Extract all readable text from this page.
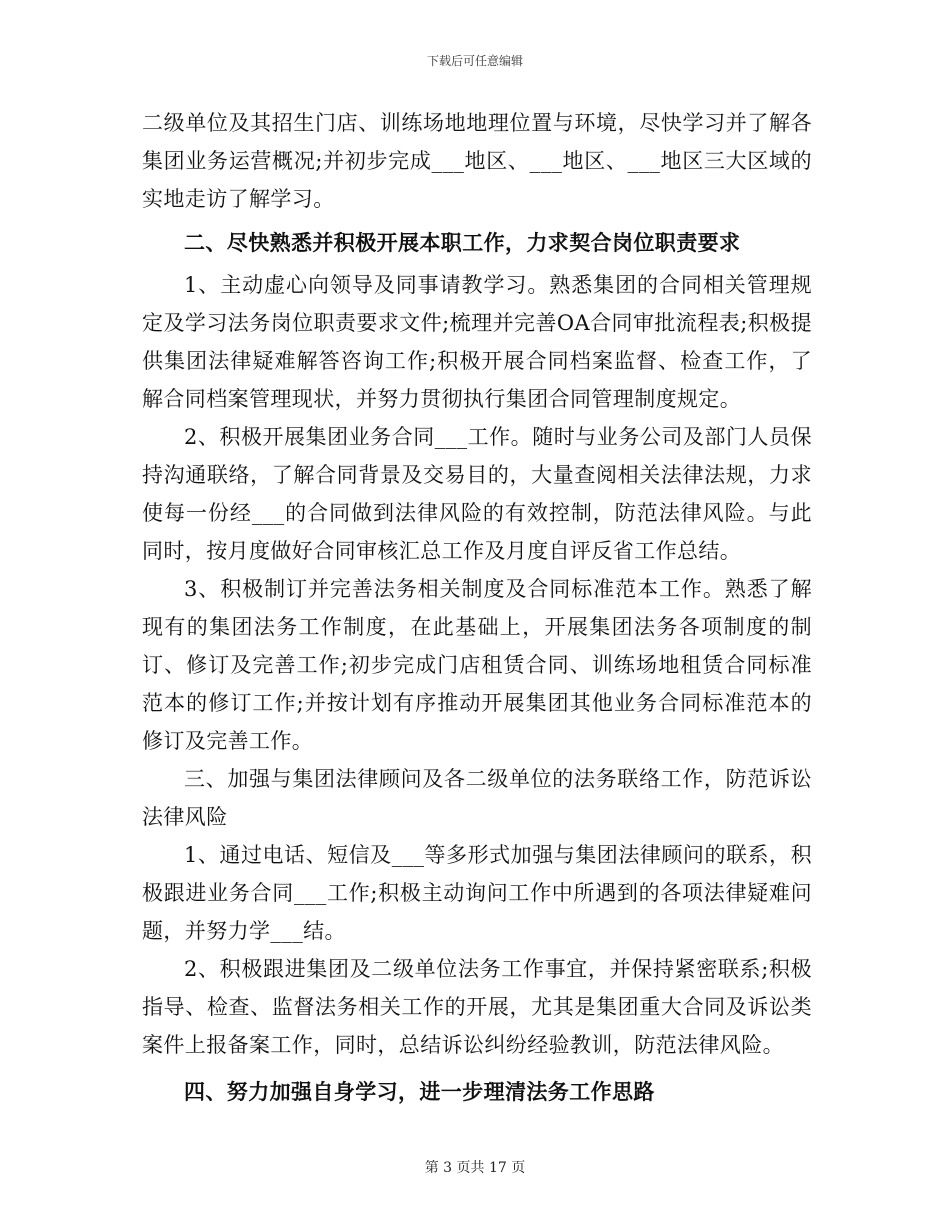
下载后可任意编辑

二级单位及其招生门店、训练场地地理位置与环境，尽快学习并了解各集团业务运营概况;并初步完成___地区、___地区、___地区三大区域的实地走访了解学习。

二、尽快熟悉并积极开展本职工作，力求契合岗位职责要求

1、主动虚心向领导及同事请教学习。熟悉集团的合同相关管理规定及学习法务岗位职责要求文件;梳理并完善OA合同审批流程表;积极提供集团法律疑难解答咨询工作;积极开展合同档案监督、检查工作，了解合同档案管理现状，并努力贯彻执行集团合同管理制度规定。

2、积极开展集团业务合同___工作。随时与业务公司及部门人员保持沟通联络，了解合同背景及交易目的，大量查阅相关法律法规，力求使每一份经___的合同做到法律风险的有效控制，防范法律风险。与此同时，按月度做好合同审核汇总工作及月度自评反省工作总结。

3、积极制订并完善法务相关制度及合同标准范本工作。熟悉了解现有的集团法务工作制度，在此基础上，开展集团法务各项制度的制订、修订及完善工作;初步完成门店租赁合同、训练场地租赁合同标准范本的修订工作;并按计划有序推动开展集团其他业务合同标准范本的修订及完善工作。

三、加强与集团法律顾问及各二级单位的法务联络工作，防范诉讼法律风险

1、通过电话、短信及___等多形式加强与集团法律顾问的联系，积极跟进业务合同___工作;积极主动询问工作中所遇到的各项法律疑难问题，并努力学___结。

2、积极跟进集团及二级单位法务工作事宜，并保持紧密联系;积极指导、检查、监督法务相关工作的开展，尤其是集团重大合同及诉讼类案件上报备案工作，同时，总结诉讼纠纷经验教训，防范法律风险。

四、努力加强自身学习，进一步理清法务工作思路

第 3 页共 17 页
